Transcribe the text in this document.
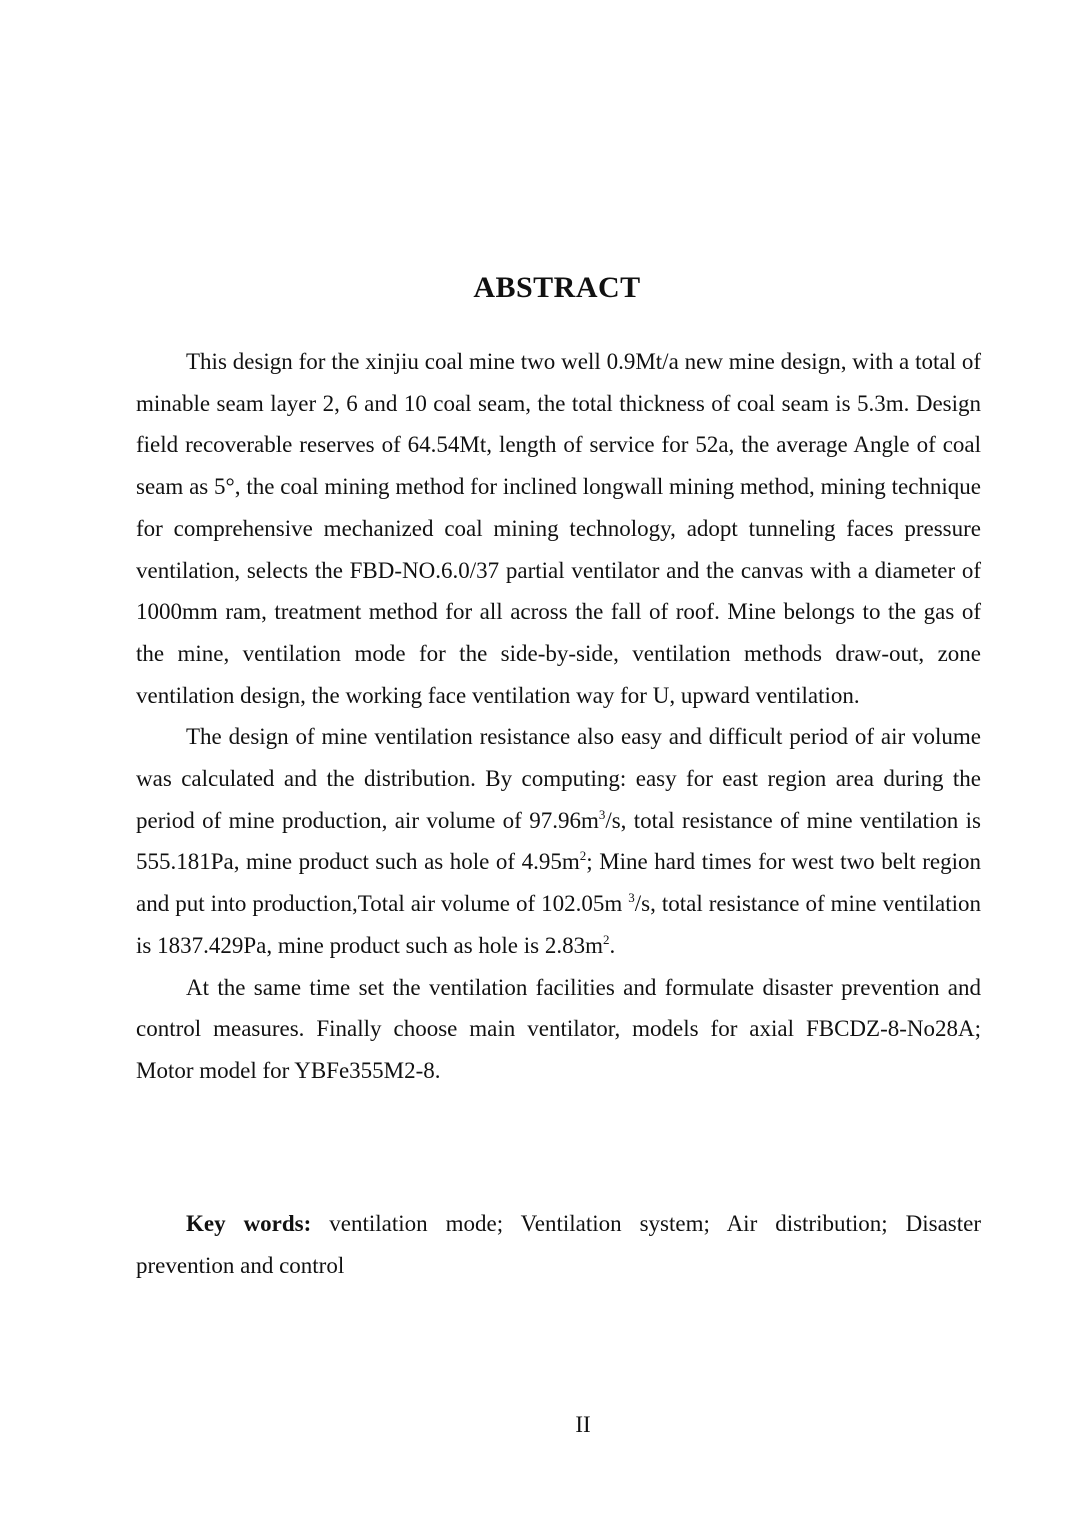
ABSTRACT

This design for the xinjiu coal mine two well 0.9Mt/a new mine design, with a total of minable seam layer 2, 6 and 10 coal seam, the total thickness of coal seam is 5.3m. Design field recoverable reserves of 64.54Mt, length of service for 52a, the average Angle of coal seam as 5°, the coal mining method for inclined longwall mining method, mining technique for comprehensive mechanized coal mining technology, adopt tunneling faces pressure ventilation, selects the FBD-NO.6.0/37 partial ventilator and the canvas with a diameter of 1000mm ram, treatment method for all across the fall of roof. Mine belongs to the gas of the mine, ventilation mode for the side-by-side, ventilation methods draw-out, zone ventilation design, the working face ventilation way for U, upward ventilation.

The design of mine ventilation resistance also easy and difficult period of air volume was calculated and the distribution. By computing: easy for east region area during the period of mine production, air volume of $97.96m^3/s$, total resistance of mine ventilation is 555.181Pa, mine product such as hole of $4.95m^2$; Mine hard times for west two belt region and put into production,Total air volume of 102.05m $^3$/s, total resistance of mine ventilation is 1837.429Pa, mine product such as hole is $2.83m^2$.

At the same time set the ventilation facilities and formulate disaster prevention and control measures. Finally choose main ventilator, models for axial FBCDZ-8-No28A; Motor model for YBFe355M2-8.

Key words: ventilation mode; Ventilation system; Air distribution; Disaster prevention and control

II
